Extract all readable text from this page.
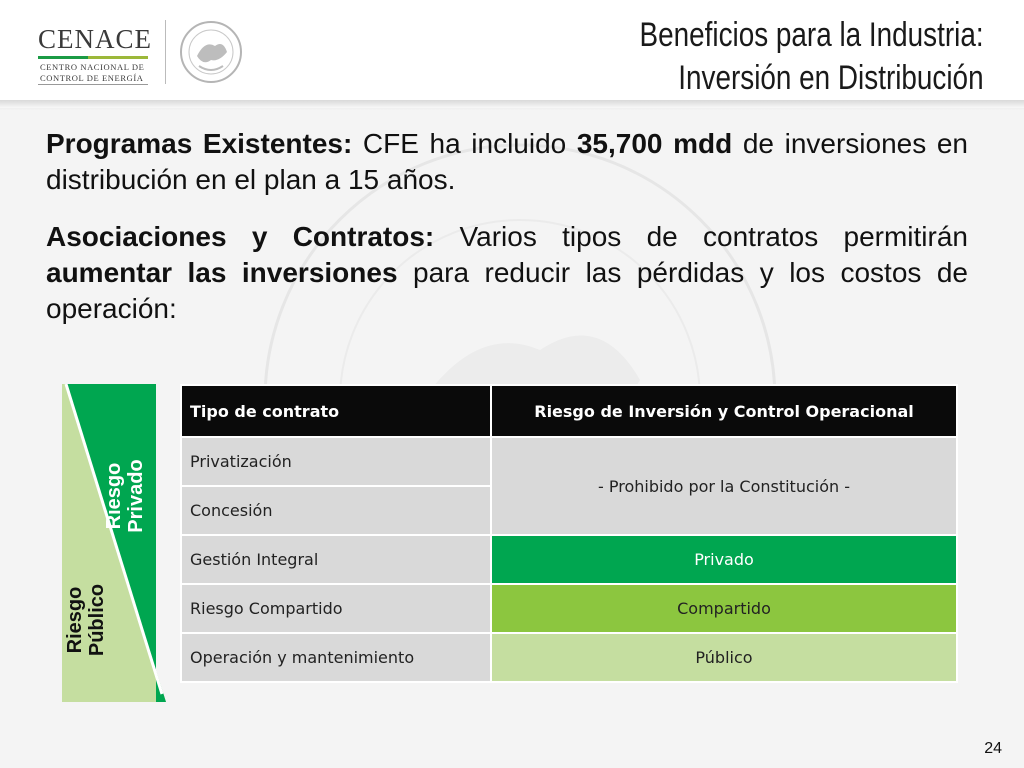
CENACE
CENTRO NACIONAL DE
CONTROL DE ENERGÍA
Beneficios para la Industria:
Inversión en Distribución
Programas Existentes: CFE ha incluido 35,700 mdd de inversiones en distribución en el plan a 15 años.
Asociaciones y Contratos: Varios tipos de contratos permitirán aumentar las inversiones para reducir las pérdidas y los costos de operación:
Riesgo Privado
Riesgo Público
Tipo de contrato	Riesgo de Inversión y Control Operacional
Privatización	- Prohibido por la Constitución -
Concesión	
Gestión Integral	Privado
Riesgo Compartido	Compartido
Operación y mantenimiento	Público
24
